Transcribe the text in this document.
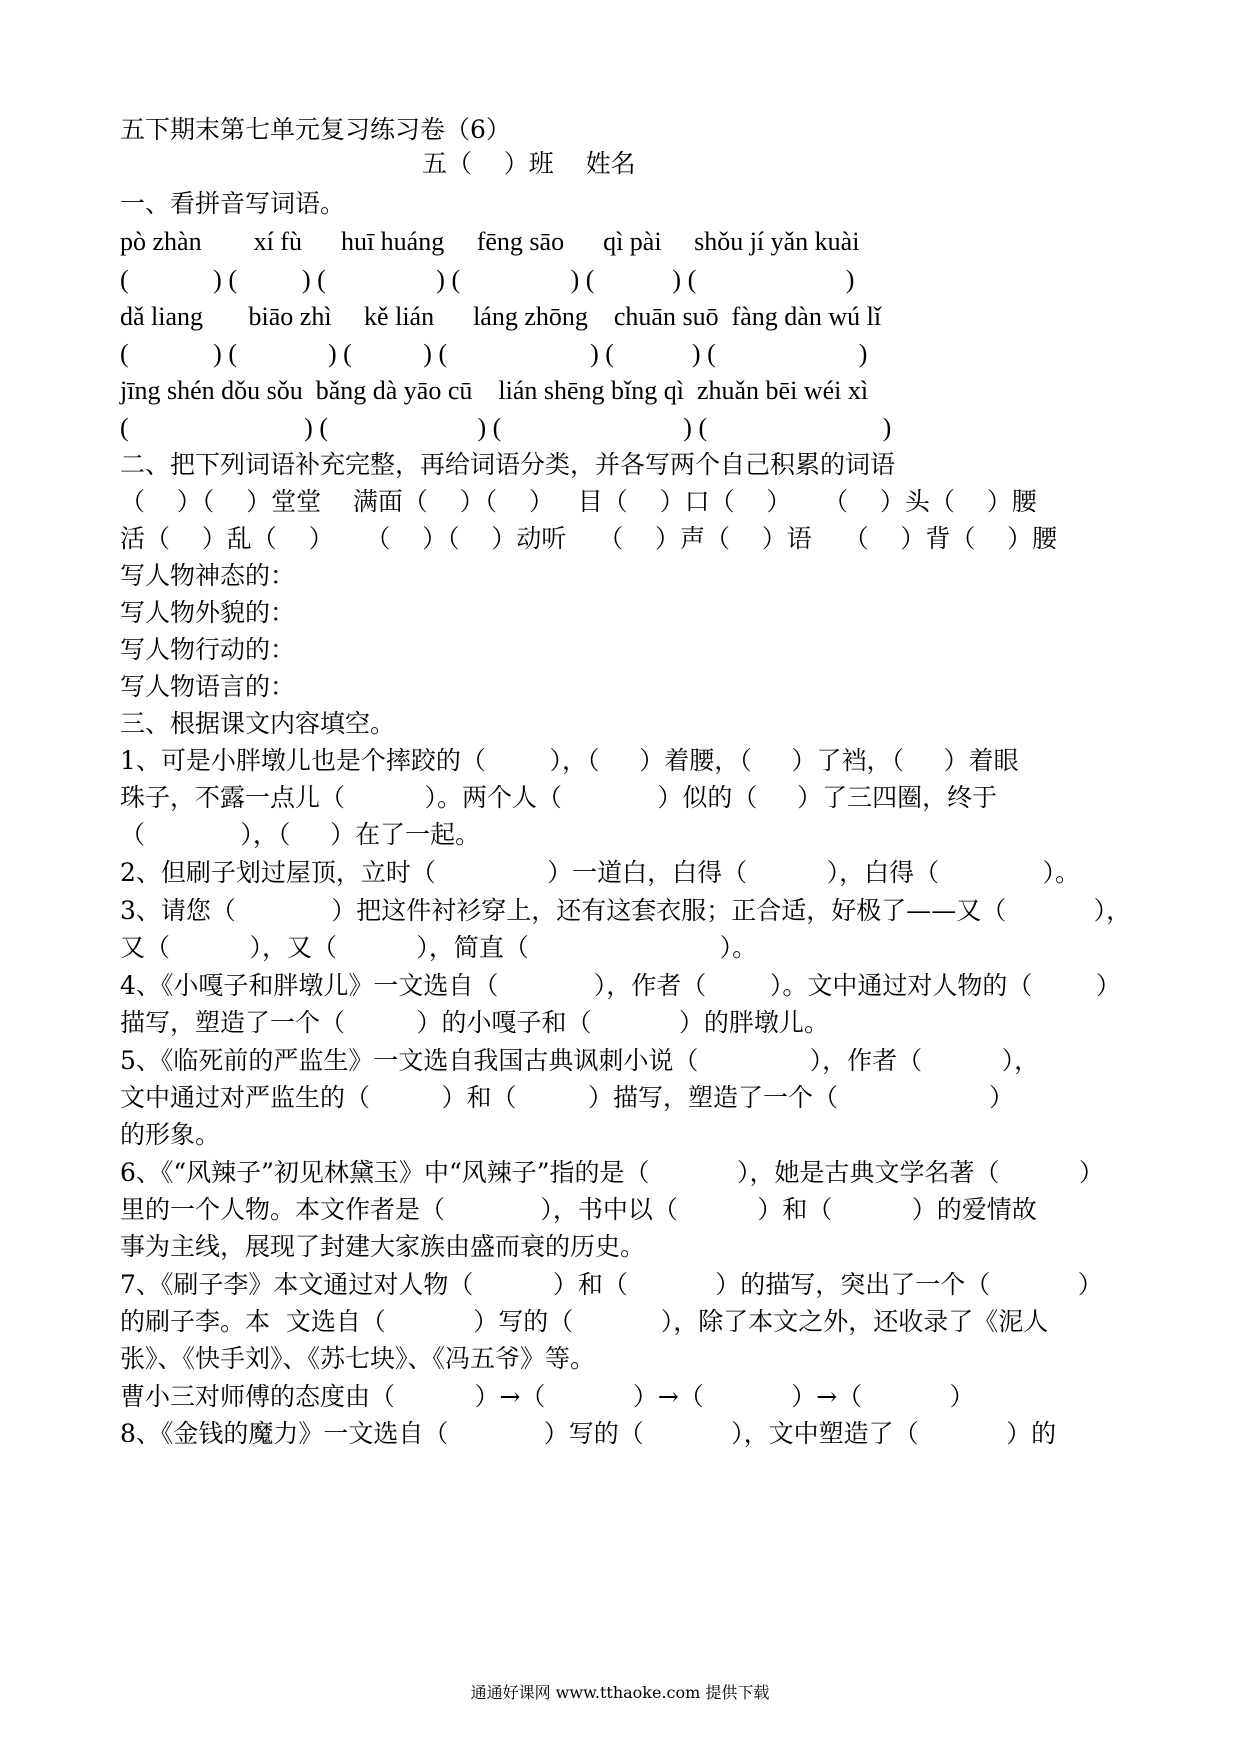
五下期末第七单元复习练习卷（6）

五（    ）班    姓名

一、看拼音写词语。

pò zhàn        xí fù      huī huáng     fēng sāo      qì pài     shǒu jí yǎn kuài

(             ) (          ) (                 ) (                 ) (            ) (                       )

dǎ liang       biāo zhì     kě lián      láng zhōng    chuān suō  fàng dàn wú lǐ

(             ) (              ) (           ) (                      ) (            ) (                      )

jīng shén dǒu sǒu  bǎng dà yāo cū    lián shēng bǐng qì  zhuǎn bēi wéi xì

(                           ) (                       ) (                            ) (                           )

二、把下列词语补充完整，再给词语分类，并各写两个自己积累的词语

（    ）（    ）堂堂    满面（    ）（    ）   目（    ）口（    ）    （    ）头（    ）腰

活（    ）乱（    ）    （    ）（    ）动听    （    ）声（    ）语    （    ）背（    ）腰

写人物神态的：

写人物外貌的：

写人物行动的：

写人物语言的：

三、根据课文内容填空。

1、可是小胖墩儿也是个摔跤的（        ），（     ）着腰，（     ）了裆，（     ）着眼

珠子，不露一点儿（          ）。两个人（            ）似的（     ）了三四圈，终于

（            ），（     ）在了一起。

2、但刷子划过屋顶，立时（              ）一道白，白得（          ），白得（             ）。

3、请您（            ）把这件衬衫穿上，还有这套衣服；正合适，好极了——又（           ），

又（          ），又（          ），简直（                        ）。

4、《小嘎子和胖墩儿》一文选自（            ），作者（        ）。文中通过对人物的（        ）

描写，塑造了一个（         ）的小嘎子和（           ）的胖墩儿。

5、《临死前的严监生》一文选自我国古典讽刺小说（              ），作者（          ），

文中通过对严监生的（         ）和（         ）描写，塑造了一个（                   ）

的形象。

6、《“风辣子”初见林黛玉》中“风辣子”指的是（           ），她是古典文学名著（          ）

里的一个人物。本文作者是（            ），书中以（          ）和（          ）的爱情故

事为主线，展现了封建大家族由盛而衰的历史。

7、《刷子李》本文通过对人物（          ）和（           ）的描写，突出了一个（           ）

的刷子李。本  文选自（           ）写的（           ），除了本文之外，还收录了《泥人

张》、《快手刘》、《苏七块》、《冯五爷》等。

曹小三对师傅的态度由（          ）→（           ）→（           ）→（           ）

8、《金钱的魔力》一文选自（            ）写的（           ），文中塑造了（           ）的

通通好课网 www.tthaoke.com 提供下载
